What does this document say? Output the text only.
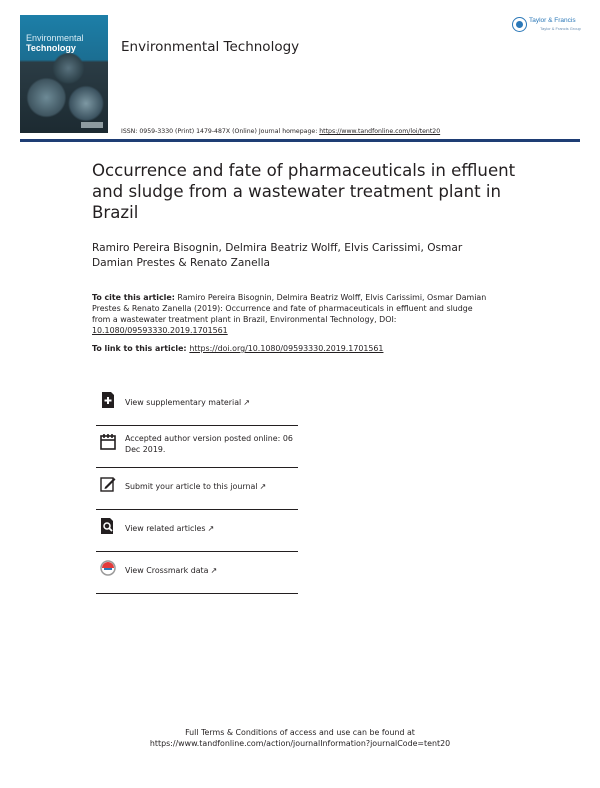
Environmental
Technology	Environmental Technology
Taylor & Francis
Taylor & Francis Group
ISSN: 0959-3330 (Print) 1479-487X (Online) Journal homepage: https://www.tandfonline.com/loi/tent20
Occurrence and fate of pharmaceuticals in effluent and sludge from a wastewater treatment plant in Brazil
Ramiro Pereira Bisognin, Delmira Beatriz Wolff, Elvis Carissimi, Osmar Damian Prestes & Renato Zanella
To cite this article: Ramiro Pereira Bisognin, Delmira Beatriz Wolff, Elvis Carissimi, Osmar Damian Prestes & Renato Zanella (2019): Occurrence and fate of pharmaceuticals in effluent and sludge from a wastewater treatment plant in Brazil, Environmental Technology, DOI: 10.1080/09593330.2019.1701561
To link to this article: https://doi.org/10.1080/09593330.2019.1701561
View supplementary material ↗
Accepted author version posted online: 06 Dec 2019.
Submit your article to this journal ↗
View related articles ↗
View Crossmark data ↗
Full Terms & Conditions of access and use can be found at
https://www.tandfonline.com/action/journalInformation?journalCode=tent20
